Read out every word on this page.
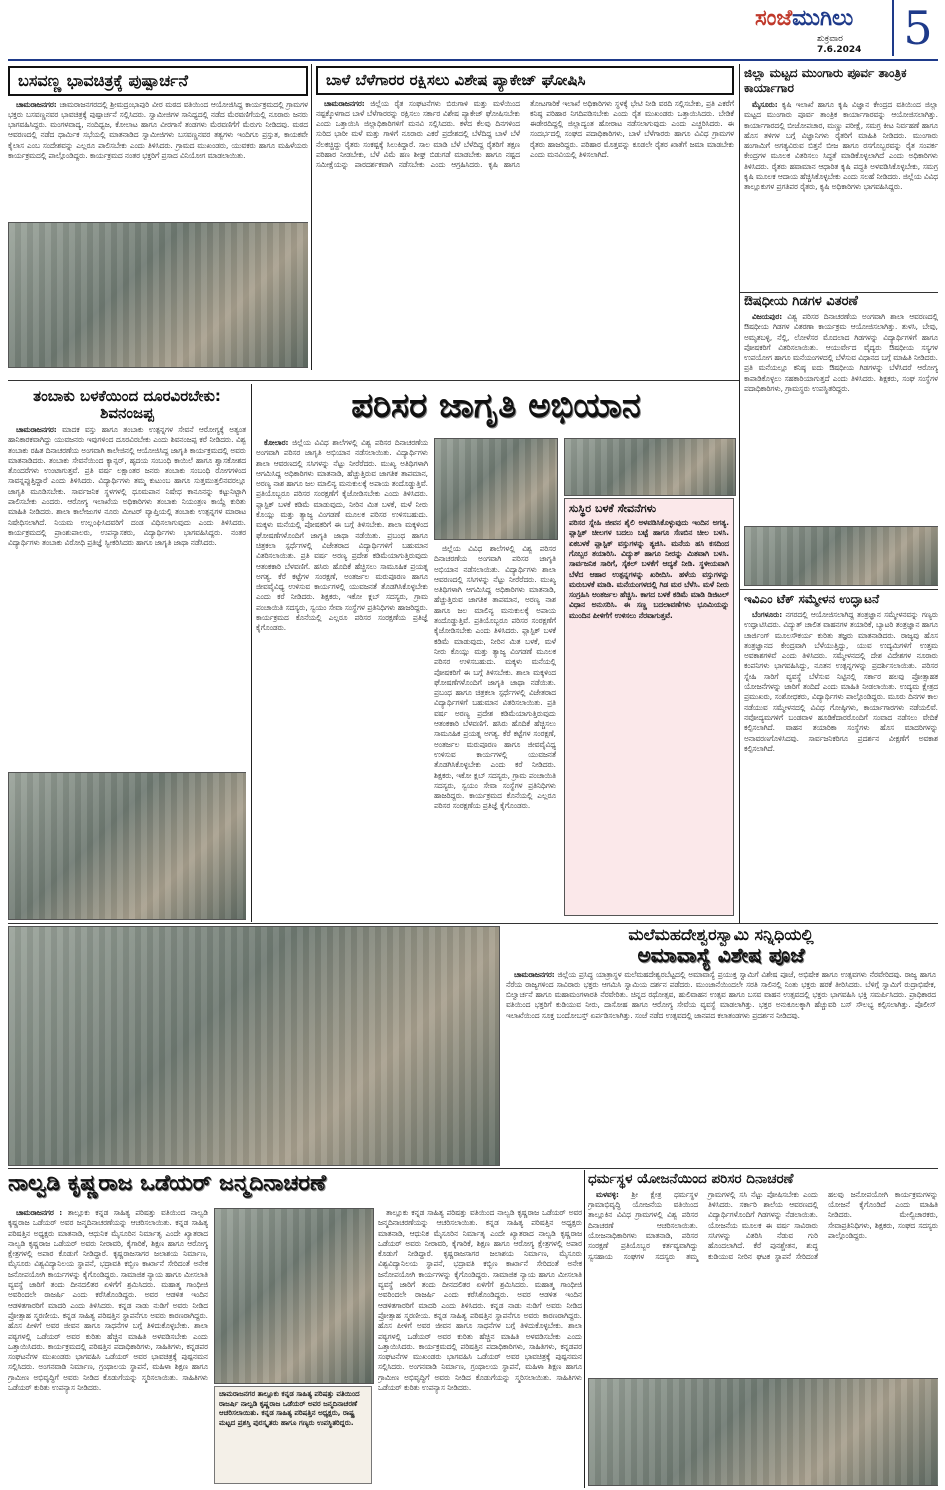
ಸಂಜೆಮುಗಿಲು
ಶುಕ್ರವಾರ
7.6.2024 5
ಬಸವಣ್ಣ ಭಾವಚಿತ್ರಕ್ಕೆ ಪುಷ್ಪಾರ್ಚನೆ

ಚಾಮರಾಜನಗರ: ಚಾಮರಾಜನಗರದಲ್ಲಿ ಶ್ರೀಮದ್ರಂಭಾಪುರಿ ವೀರ ಮಠದ ವತಿಯಿಂದ ಆಯೋಜಿಸಿದ್ದ ಕಾರ್ಯಕ್ರಮದಲ್ಲಿ ಗ್ರಾಮಗಳ ಭಕ್ತರು ಬಸವಣ್ಣನವರ ಭಾವಚಿತ್ರಕ್ಕೆ ಪುಷ್ಪಾರ್ಚನೆ ಸಲ್ಲಿಸಿದರು. ಸ್ವಾಮೀಜಿಗಳ ಸಾನಿಧ್ಯದಲ್ಲಿ ನಡೆದ ಮೆರವಣಿಗೆಯಲ್ಲಿ ನೂರಾರು ಜನರು ಭಾಗವಹಿಸಿದ್ದರು. ಮಂಗಳವಾದ್ಯ, ನಂದಿಧ್ವಜ, ಕೋಲಾಟ ಹಾಗೂ ವೀರಗಾಸೆ ತಂಡಗಳು ಮೆರವಣಿಗೆಗೆ ಮೆರುಗು ನೀಡಿದವು. ಮಠದ ಆವರಣದಲ್ಲಿ ನಡೆದ ಧಾರ್ಮಿಕ ಸಭೆಯಲ್ಲಿ ಮಾತನಾಡಿದ ಸ್ವಾಮೀಜಿಗಳು ಬಸವಣ್ಣನವರ ತತ್ವಗಳು ಇಂದಿಗೂ ಪ್ರಸ್ತುತ, ಕಾಯಕವೇ ಕೈಲಾಸ ಎಂಬ ಸಂದೇಶವನ್ನು ಎಲ್ಲರೂ ಪಾಲಿಸಬೇಕು ಎಂದು ತಿಳಿಸಿದರು. ಗ್ರಾಮದ ಮುಖಂಡರು, ಯುವಕರು ಹಾಗೂ ಮಹಿಳೆಯರು ಕಾರ್ಯಕ್ರಮದಲ್ಲಿ ಪಾಲ್ಗೊಂಡಿದ್ದರು. ಕಾರ್ಯಕ್ರಮದ ನಂತರ ಭಕ್ತರಿಗೆ ಪ್ರಸಾದ ವಿನಿಯೋಗ ಮಾಡಲಾಯಿತು.

ಬಾಳೆ ಬೆಳೆಗಾರರ ರಕ್ಷಿಸಲು ವಿಶೇಷ ಪ್ಯಾಕೇಜ್ ಘೋಷಿಸಿ

ಚಾಮರಾಜನಗರ: ಜಿಲ್ಲೆಯ ರೈತ ಸಂಘಟನೆಗಳು ಬಿರುಗಾಳಿ ಮತ್ತು ಮಳೆಯಿಂದ ನಷ್ಟಕ್ಕೊಳಗಾದ ಬಾಳೆ ಬೆಳೆಗಾರರನ್ನು ರಕ್ಷಿಸಲು ಸರ್ಕಾರ ವಿಶೇಷ ಪ್ಯಾಕೇಜ್ ಘೋಷಿಸಬೇಕು ಎಂದು ಒತ್ತಾಯಿಸಿ ಜಿಲ್ಲಾಧಿಕಾರಿಗಳಿಗೆ ಮನವಿ ಸಲ್ಲಿಸಿದರು. ಕಳೆದ ಕೆಲವು ದಿನಗಳಿಂದ ಸುರಿದ ಭಾರೀ ಮಳೆ ಮತ್ತು ಗಾಳಿಗೆ ನೂರಾರು ಎಕರೆ ಪ್ರದೇಶದಲ್ಲಿ ಬೆಳೆದಿದ್ದ ಬಾಳೆ ಬೆಳೆ ನೆಲಕಚ್ಚಿದ್ದು ರೈತರು ಸಂಕಷ್ಟಕ್ಕೆ ಸಿಲುಕಿದ್ದಾರೆ. ಸಾಲ ಮಾಡಿ ಬೆಳೆ ಬೆಳೆದಿದ್ದ ರೈತರಿಗೆ ತಕ್ಷಣ ಪರಿಹಾರ ನೀಡಬೇಕು, ಬೆಳೆ ವಿಮೆ ಹಣ ಶೀಘ್ರ ಬಿಡುಗಡೆ ಮಾಡಬೇಕು ಹಾಗೂ ನಷ್ಟದ ಸಮೀಕ್ಷೆಯನ್ನು ಪಾರದರ್ಶಕವಾಗಿ ನಡೆಸಬೇಕು ಎಂದು ಆಗ್ರಹಿಸಿದರು. ಕೃಷಿ ಹಾಗೂ ತೋಟಗಾರಿಕೆ ಇಲಾಖೆ ಅಧಿಕಾರಿಗಳು ಸ್ಥಳಕ್ಕೆ ಭೇಟಿ ನೀಡಿ ವರದಿ ಸಲ್ಲಿಸಬೇಕು, ಪ್ರತಿ ಎಕರೆಗೆ ಕನಿಷ್ಠ ಪರಿಹಾರ ನಿಗದಿಪಡಿಸಬೇಕು ಎಂದು ರೈತ ಮುಖಂಡರು ಒತ್ತಾಯಿಸಿದರು. ಬೇಡಿಕೆ ಈಡೇರದಿದ್ದಲ್ಲಿ ಜಿಲ್ಲಾದ್ಯಂತ ಹೋರಾಟ ನಡೆಸಲಾಗುವುದು ಎಂದು ಎಚ್ಚರಿಸಿದರು. ಈ ಸಂದರ್ಭದಲ್ಲಿ ಸಂಘದ ಪದಾಧಿಕಾರಿಗಳು, ಬಾಳೆ ಬೆಳೆಗಾರರು ಹಾಗೂ ವಿವಿಧ ಗ್ರಾಮಗಳ ರೈತರು ಹಾಜರಿದ್ದರು. ಪರಿಹಾರ ಮೊತ್ತವನ್ನು ಕೂಡಲೇ ರೈತರ ಖಾತೆಗೆ ಜಮಾ ಮಾಡಬೇಕು ಎಂದು ಮನವಿಯಲ್ಲಿ ತಿಳಿಸಲಾಗಿದೆ.

ಜಿಲ್ಲಾ ಮಟ್ಟದ ಮುಂಗಾರು ಪೂರ್ವ ತಾಂತ್ರಿಕ ಕಾರ್ಯಾಗಾರ

ಮೈಸೂರು: ಕೃಷಿ ಇಲಾಖೆ ಹಾಗೂ ಕೃಷಿ ವಿಜ್ಞಾನ ಕೇಂದ್ರದ ವತಿಯಿಂದ ಜಿಲ್ಲಾ ಮಟ್ಟದ ಮುಂಗಾರು ಪೂರ್ವ ತಾಂತ್ರಿಕ ಕಾರ್ಯಾಗಾರವನ್ನು ಆಯೋಜಿಸಲಾಗಿತ್ತು. ಕಾರ್ಯಾಗಾರದಲ್ಲಿ ಬೀಜೋಪಚಾರ, ಮಣ್ಣು ಪರೀಕ್ಷೆ, ಸಮಗ್ರ ಕೀಟ ನಿರ್ವಹಣೆ ಹಾಗೂ ಹೊಸ ತಳಿಗಳ ಬಗ್ಗೆ ವಿಜ್ಞಾನಿಗಳು ರೈತರಿಗೆ ಮಾಹಿತಿ ನೀಡಿದರು. ಮುಂಗಾರು ಹಂಗಾಮಿಗೆ ಅಗತ್ಯವಿರುವ ಬಿತ್ತನೆ ಬೀಜ ಹಾಗೂ ರಸಗೊಬ್ಬರವನ್ನು ರೈತ ಸಂಪರ್ಕ ಕೇಂದ್ರಗಳ ಮೂಲಕ ವಿತರಿಸಲು ಸಿದ್ಧತೆ ಮಾಡಿಕೊಳ್ಳಲಾಗಿದೆ ಎಂದು ಅಧಿಕಾರಿಗಳು ತಿಳಿಸಿದರು. ರೈತರು ಹವಾಮಾನ ಆಧಾರಿತ ಕೃಷಿ ಪದ್ಧತಿ ಅಳವಡಿಸಿಕೊಳ್ಳಬೇಕು, ಸಮಗ್ರ ಕೃಷಿ ಮೂಲಕ ಆದಾಯ ಹೆಚ್ಚಿಸಿಕೊಳ್ಳಬೇಕು ಎಂದು ಸಲಹೆ ನೀಡಿದರು. ಜಿಲ್ಲೆಯ ವಿವಿಧ ತಾಲ್ಲೂಕುಗಳ ಪ್ರಗತಿಪರ ರೈತರು, ಕೃಷಿ ಅಧಿಕಾರಿಗಳು ಭಾಗವಹಿಸಿದ್ದರು.

ಔಷಧೀಯ ಗಿಡಗಳ ವಿತರಣೆ

ವಿಜಯಪುರ: ವಿಶ್ವ ಪರಿಸರ ದಿನಾಚರಣೆಯ ಅಂಗವಾಗಿ ಶಾಲಾ ಆವರಣದಲ್ಲಿ ಔಷಧೀಯ ಗಿಡಗಳ ವಿತರಣಾ ಕಾರ್ಯಕ್ರಮ ಆಯೋಜಿಸಲಾಗಿತ್ತು. ತುಳಸಿ, ಬೇವು, ಅಮೃತಬಳ್ಳಿ, ನೆಲ್ಲಿ, ಲೋಳೆಸರ ಮೊದಲಾದ ಗಿಡಗಳನ್ನು ವಿದ್ಯಾರ್ಥಿಗಳಿಗೆ ಹಾಗೂ ಪೋಷಕರಿಗೆ ವಿತರಿಸಲಾಯಿತು. ಆಯುರ್ವೇದ ವೈದ್ಯರು ಔಷಧೀಯ ಸಸ್ಯಗಳ ಉಪಯೋಗ ಹಾಗೂ ಮನೆಯಂಗಳದಲ್ಲಿ ಬೆಳೆಸುವ ವಿಧಾನದ ಬಗ್ಗೆ ಮಾಹಿತಿ ನೀಡಿದರು. ಪ್ರತಿ ಮನೆಯಲ್ಲೂ ಕನಿಷ್ಠ ಐದು ಔಷಧೀಯ ಗಿಡಗಳನ್ನು ಬೆಳೆಸಿದರೆ ಆರೋಗ್ಯ ಕಾಪಾಡಿಕೊಳ್ಳಲು ಸಹಕಾರಿಯಾಗುತ್ತದೆ ಎಂದು ತಿಳಿಸಿದರು. ಶಿಕ್ಷಕರು, ಸಂಘ ಸಂಸ್ಥೆಗಳ ಪದಾಧಿಕಾರಿಗಳು, ಗ್ರಾಮಸ್ಥರು ಉಪಸ್ಥಿತರಿದ್ದರು.

ಇವಿಎಂ ಟೆಕ್ ಸಮ್ಮೇಳನ ಉದ್ಘಾಟನೆ

ಬೆಂಗಳೂರು: ನಗರದಲ್ಲಿ ಆಯೋಜಿಸಲಾಗಿದ್ದ ತಂತ್ರಜ್ಞಾನ ಸಮ್ಮೇಳನವನ್ನು ಗಣ್ಯರು ಉದ್ಘಾಟಿಸಿದರು. ವಿದ್ಯುತ್ ಚಾಲಿತ ವಾಹನಗಳ ತಯಾರಿಕೆ, ಬ್ಯಾಟರಿ ತಂತ್ರಜ್ಞಾನ ಹಾಗೂ ಚಾರ್ಜಿಂಗ್ ಮೂಲಸೌಕರ್ಯ ಕುರಿತು ತಜ್ಞರು ಮಾತನಾಡಿದರು. ರಾಜ್ಯವು ಹೊಸ ತಂತ್ರಜ್ಞಾನದ ಕೇಂದ್ರವಾಗಿ ಬೆಳೆಯುತ್ತಿದ್ದು, ಯುವ ಉದ್ಯಮಿಗಳಿಗೆ ಉತ್ತಮ ಅವಕಾಶಗಳಿವೆ ಎಂದು ತಿಳಿಸಿದರು. ಸಮ್ಮೇಳನದಲ್ಲಿ ದೇಶ ವಿದೇಶಗಳ ನೂರಾರು ಕಂಪನಿಗಳು ಭಾಗವಹಿಸಿದ್ದು, ನೂತನ ಉತ್ಪನ್ನಗಳನ್ನು ಪ್ರದರ್ಶಿಸಲಾಯಿತು. ಪರಿಸರ ಸ್ನೇಹಿ ಸಾರಿಗೆ ವ್ಯವಸ್ಥೆ ಬೆಳೆಸುವ ನಿಟ್ಟಿನಲ್ಲಿ ಸರ್ಕಾರ ಹಲವು ಪ್ರೋತ್ಸಾಹಕ ಯೋಜನೆಗಳನ್ನು ಜಾರಿಗೆ ತಂದಿದೆ ಎಂದು ಮಾಹಿತಿ ನೀಡಲಾಯಿತು. ಉದ್ಯಮ ಕ್ಷೇತ್ರದ ಪ್ರಮುಖರು, ಸಂಶೋಧಕರು, ವಿದ್ಯಾರ್ಥಿಗಳು ಪಾಲ್ಗೊಂಡಿದ್ದರು. ಮೂರು ದಿನಗಳ ಕಾಲ ನಡೆಯುವ ಸಮ್ಮೇಳನದಲ್ಲಿ ವಿವಿಧ ಗೋಷ್ಠಿಗಳು, ಕಾರ್ಯಾಗಾರಗಳು ನಡೆಯಲಿವೆ. ನವೋದ್ಯಮಗಳಿಗೆ ಬಂಡವಾಳ ಹೂಡಿಕೆದಾರರೊಂದಿಗೆ ಸಂವಾದ ನಡೆಸಲು ವೇದಿಕೆ ಕಲ್ಪಿಸಲಾಗಿದೆ. ವಾಹನ ತಯಾರಿಕಾ ಸಂಸ್ಥೆಗಳು ಹೊಸ ಮಾದರಿಗಳನ್ನು ಅನಾವರಣಗೊಳಿಸಿದವು. ಸಾರ್ವಜನಿಕರಿಗೂ ಪ್ರದರ್ಶನ ವೀಕ್ಷಣೆಗೆ ಅವಕಾಶ ಕಲ್ಪಿಸಲಾಗಿದೆ.

ತಂಬಾಕು ಬಳಕೆಯಿಂದ ದೂರವಿರಬೇಕು: ಶಿವನಂಜಪ್ಪ

ಚಾಮರಾಜನಗರ: ಮಾದಕ ವಸ್ತು ಹಾಗೂ ತಂಬಾಕು ಉತ್ಪನ್ನಗಳ ಸೇವನೆ ಆರೋಗ್ಯಕ್ಕೆ ಅತ್ಯಂತ ಹಾನಿಕಾರಕವಾಗಿದ್ದು ಯುವಜನರು ಇವುಗಳಿಂದ ದೂರವಿರಬೇಕು ಎಂದು ಶಿವನಂಜಪ್ಪ ಕರೆ ನೀಡಿದರು. ವಿಶ್ವ ತಂಬಾಕು ರಹಿತ ದಿನಾಚರಣೆಯ ಅಂಗವಾಗಿ ಕಾಲೇಜಿನಲ್ಲಿ ಆಯೋಜಿಸಿದ್ದ ಜಾಗೃತಿ ಕಾರ್ಯಕ್ರಮದಲ್ಲಿ ಅವರು ಮಾತನಾಡಿದರು. ತಂಬಾಕು ಸೇವನೆಯಿಂದ ಕ್ಯಾನ್ಸರ್, ಹೃದಯ ಸಂಬಂಧಿ ಕಾಯಿಲೆ ಹಾಗೂ ಶ್ವಾಸಕೋಶದ ತೊಂದರೆಗಳು ಉಂಟಾಗುತ್ತವೆ. ಪ್ರತಿ ವರ್ಷ ಲಕ್ಷಾಂತರ ಜನರು ತಂಬಾಕು ಸಂಬಂಧಿ ರೋಗಗಳಿಂದ ಸಾವನ್ನಪ್ಪುತ್ತಿದ್ದಾರೆ ಎಂದು ತಿಳಿಸಿದರು. ವಿದ್ಯಾರ್ಥಿಗಳು ತಮ್ಮ ಕುಟುಂಬ ಹಾಗೂ ಸುತ್ತಮುತ್ತಲಿನವರಲ್ಲೂ ಜಾಗೃತಿ ಮೂಡಿಸಬೇಕು. ಸಾರ್ವಜನಿಕ ಸ್ಥಳಗಳಲ್ಲಿ ಧೂಮಪಾನ ನಿಷೇಧ ಕಾನೂನನ್ನು ಕಟ್ಟುನಿಟ್ಟಾಗಿ ಪಾಲಿಸಬೇಕು ಎಂದರು. ಆರೋಗ್ಯ ಇಲಾಖೆಯ ಅಧಿಕಾರಿಗಳು ತಂಬಾಕು ನಿಯಂತ್ರಣ ಕಾಯ್ದೆ ಕುರಿತು ಮಾಹಿತಿ ನೀಡಿದರು. ಶಾಲಾ ಕಾಲೇಜುಗಳ ನೂರು ಮೀಟರ್ ವ್ಯಾಪ್ತಿಯಲ್ಲಿ ತಂಬಾಕು ಉತ್ಪನ್ನಗಳ ಮಾರಾಟ ನಿಷೇಧಿಸಲಾಗಿದೆ. ನಿಯಮ ಉಲ್ಲಂಘಿಸಿದವರಿಗೆ ದಂಡ ವಿಧಿಸಲಾಗುವುದು ಎಂದು ತಿಳಿಸಿದರು. ಕಾರ್ಯಕ್ರಮದಲ್ಲಿ ಪ್ರಾಂಶುಪಾಲರು, ಉಪನ್ಯಾಸಕರು, ವಿದ್ಯಾರ್ಥಿಗಳು ಭಾಗವಹಿಸಿದ್ದರು. ನಂತರ ವಿದ್ಯಾರ್ಥಿಗಳು ತಂಬಾಕು ವಿರೋಧಿ ಪ್ರತಿಜ್ಞೆ ಸ್ವೀಕರಿಸಿದರು ಹಾಗೂ ಜಾಗೃತಿ ಜಾಥಾ ನಡೆಸಿದರು.

ಪರಿಸರ ಜಾಗೃತಿ ಅಭಿಯಾನ

ಕೋಲಾರ: ಜಿಲ್ಲೆಯ ವಿವಿಧ ಶಾಲೆಗಳಲ್ಲಿ ವಿಶ್ವ ಪರಿಸರ ದಿನಾಚರಣೆಯ ಅಂಗವಾಗಿ ಪರಿಸರ ಜಾಗೃತಿ ಅಭಿಯಾನ ನಡೆಸಲಾಯಿತು. ವಿದ್ಯಾರ್ಥಿಗಳು ಶಾಲಾ ಆವರಣದಲ್ಲಿ ಸಸಿಗಳನ್ನು ನೆಟ್ಟು ನೀರೆರೆದರು. ಮುಖ್ಯ ಅತಿಥಿಗಳಾಗಿ ಆಗಮಿಸಿದ್ದ ಅಧಿಕಾರಿಗಳು ಮಾತನಾಡಿ, ಹೆಚ್ಚುತ್ತಿರುವ ಜಾಗತಿಕ ತಾಪಮಾನ, ಅರಣ್ಯ ನಾಶ ಹಾಗೂ ಜಲ ಮಾಲಿನ್ಯ ಮನುಕುಲಕ್ಕೆ ಅಪಾಯ ತಂದೊಡ್ಡುತ್ತಿವೆ. ಪ್ರತಿಯೊಬ್ಬರೂ ಪರಿಸರ ಸಂರಕ್ಷಣೆಗೆ ಕೈಜೋಡಿಸಬೇಕು ಎಂದು ತಿಳಿಸಿದರು. ಪ್ಲಾಸ್ಟಿಕ್ ಬಳಕೆ ಕಡಿಮೆ ಮಾಡುವುದು, ನೀರಿನ ಮಿತ ಬಳಕೆ, ಮಳೆ ನೀರು ಕೊಯ್ಲು ಮತ್ತು ತ್ಯಾಜ್ಯ ವಿಂಗಡಣೆ ಮೂಲಕ ಪರಿಸರ ಉಳಿಸಬಹುದು. ಮಕ್ಕಳು ಮನೆಯಲ್ಲಿ ಪೋಷಕರಿಗೆ ಈ ಬಗ್ಗೆ ತಿಳಿಸಬೇಕು. ಶಾಲಾ ಮಕ್ಕಳಿಂದ ಘೋಷಣೆಗಳೊಂದಿಗೆ ಜಾಗೃತಿ ಜಾಥಾ ನಡೆಯಿತು. ಪ್ರಬಂಧ ಹಾಗೂ ಚಿತ್ರಕಲಾ ಸ್ಪರ್ಧೆಗಳಲ್ಲಿ ವಿಜೇತರಾದ ವಿದ್ಯಾರ್ಥಿಗಳಿಗೆ ಬಹುಮಾನ ವಿತರಿಸಲಾಯಿತು. ಪ್ರತಿ ವರ್ಷ ಅರಣ್ಯ ಪ್ರದೇಶ ಕಡಿಮೆಯಾಗುತ್ತಿರುವುದು ಆತಂಕಕಾರಿ ಬೆಳವಣಿಗೆ. ಹಸಿರು ಹೊದಿಕೆ ಹೆಚ್ಚಿಸಲು ಸಾಮೂಹಿಕ ಪ್ರಯತ್ನ ಅಗತ್ಯ. ಕೆರೆ ಕಟ್ಟೆಗಳ ಸಂರಕ್ಷಣೆ, ಅಂತರ್ಜಲ ಮರುಪೂರಣ ಹಾಗೂ ಜೀವವೈವಿಧ್ಯ ಉಳಿಸುವ ಕಾರ್ಯಗಳಲ್ಲಿ ಯುವಜನತೆ ತೊಡಗಿಸಿಕೊಳ್ಳಬೇಕು ಎಂದು ಕರೆ ನೀಡಿದರು. ಶಿಕ್ಷಕರು, ಇಕೋ ಕ್ಲಬ್ ಸದಸ್ಯರು, ಗ್ರಾಮ ಪಂಚಾಯಿತಿ ಸದಸ್ಯರು, ಸ್ವಯಂ ಸೇವಾ ಸಂಸ್ಥೆಗಳ ಪ್ರತಿನಿಧಿಗಳು ಹಾಜರಿದ್ದರು. ಕಾರ್ಯಕ್ರಮದ ಕೊನೆಯಲ್ಲಿ ಎಲ್ಲರೂ ಪರಿಸರ ಸಂರಕ್ಷಣೆಯ ಪ್ರತಿಜ್ಞೆ ಕೈಗೊಂಡರು.

ಜಿಲ್ಲೆಯ ವಿವಿಧ ಶಾಲೆಗಳಲ್ಲಿ ವಿಶ್ವ ಪರಿಸರ ದಿನಾಚರಣೆಯ ಅಂಗವಾಗಿ ಪರಿಸರ ಜಾಗೃತಿ ಅಭಿಯಾನ ನಡೆಸಲಾಯಿತು. ವಿದ್ಯಾರ್ಥಿಗಳು ಶಾಲಾ ಆವರಣದಲ್ಲಿ ಸಸಿಗಳನ್ನು ನೆಟ್ಟು ನೀರೆರೆದರು. ಮುಖ್ಯ ಅತಿಥಿಗಳಾಗಿ ಆಗಮಿಸಿದ್ದ ಅಧಿಕಾರಿಗಳು ಮಾತನಾಡಿ, ಹೆಚ್ಚುತ್ತಿರುವ ಜಾಗತಿಕ ತಾಪಮಾನ, ಅರಣ್ಯ ನಾಶ ಹಾಗೂ ಜಲ ಮಾಲಿನ್ಯ ಮನುಕುಲಕ್ಕೆ ಅಪಾಯ ತಂದೊಡ್ಡುತ್ತಿವೆ. ಪ್ರತಿಯೊಬ್ಬರೂ ಪರಿಸರ ಸಂರಕ್ಷಣೆಗೆ ಕೈಜೋಡಿಸಬೇಕು ಎಂದು ತಿಳಿಸಿದರು. ಪ್ಲಾಸ್ಟಿಕ್ ಬಳಕೆ ಕಡಿಮೆ ಮಾಡುವುದು, ನೀರಿನ ಮಿತ ಬಳಕೆ, ಮಳೆ ನೀರು ಕೊಯ್ಲು ಮತ್ತು ತ್ಯಾಜ್ಯ ವಿಂಗಡಣೆ ಮೂಲಕ ಪರಿಸರ ಉಳಿಸಬಹುದು. ಮಕ್ಕಳು ಮನೆಯಲ್ಲಿ ಪೋಷಕರಿಗೆ ಈ ಬಗ್ಗೆ ತಿಳಿಸಬೇಕು. ಶಾಲಾ ಮಕ್ಕಳಿಂದ ಘೋಷಣೆಗಳೊಂದಿಗೆ ಜಾಗೃತಿ ಜಾಥಾ ನಡೆಯಿತು. ಪ್ರಬಂಧ ಹಾಗೂ ಚಿತ್ರಕಲಾ ಸ್ಪರ್ಧೆಗಳಲ್ಲಿ ವಿಜೇತರಾದ ವಿದ್ಯಾರ್ಥಿಗಳಿಗೆ ಬಹುಮಾನ ವಿತರಿಸಲಾಯಿತು. ಪ್ರತಿ ವರ್ಷ ಅರಣ್ಯ ಪ್ರದೇಶ ಕಡಿಮೆಯಾಗುತ್ತಿರುವುದು ಆತಂಕಕಾರಿ ಬೆಳವಣಿಗೆ. ಹಸಿರು ಹೊದಿಕೆ ಹೆಚ್ಚಿಸಲು ಸಾಮೂಹಿಕ ಪ್ರಯತ್ನ ಅಗತ್ಯ. ಕೆರೆ ಕಟ್ಟೆಗಳ ಸಂರಕ್ಷಣೆ, ಅಂತರ್ಜಲ ಮರುಪೂರಣ ಹಾಗೂ ಜೀವವೈವಿಧ್ಯ ಉಳಿಸುವ ಕಾರ್ಯಗಳಲ್ಲಿ ಯುವಜನತೆ ತೊಡಗಿಸಿಕೊಳ್ಳಬೇಕು ಎಂದು ಕರೆ ನೀಡಿದರು. ಶಿಕ್ಷಕರು, ಇಕೋ ಕ್ಲಬ್ ಸದಸ್ಯರು, ಗ್ರಾಮ ಪಂಚಾಯಿತಿ ಸದಸ್ಯರು, ಸ್ವಯಂ ಸೇವಾ ಸಂಸ್ಥೆಗಳ ಪ್ರತಿನಿಧಿಗಳು ಹಾಜರಿದ್ದರು. ಕಾರ್ಯಕ್ರಮದ ಕೊನೆಯಲ್ಲಿ ಎಲ್ಲರೂ ಪರಿಸರ ಸಂರಕ್ಷಣೆಯ ಪ್ರತಿಜ್ಞೆ ಕೈಗೊಂಡರು.

ಸುಸ್ಥಿರ ಬಳಕೆ ಸೇವನೆಗಳು
ಪರಿಸರ ಸ್ನೇಹಿ ಜೀವನ ಶೈಲಿ ಅಳವಡಿಸಿಕೊಳ್ಳುವುದು ಇಂದಿನ ಅಗತ್ಯ. ಪ್ಲಾಸ್ಟಿಕ್ ಚೀಲಗಳ ಬದಲು ಬಟ್ಟೆ ಹಾಗೂ ಸೆಣಬಿನ ಚೀಲ ಬಳಸಿ. ಏಕಬಳಕೆ ಪ್ಲಾಸ್ಟಿಕ್ ವಸ್ತುಗಳನ್ನು ತ್ಯಜಿಸಿ. ಮನೆಯ ಹಸಿ ಕಸದಿಂದ ಗೊಬ್ಬರ ತಯಾರಿಸಿ. ವಿದ್ಯುತ್ ಹಾಗೂ ನೀರನ್ನು ಮಿತವಾಗಿ ಬಳಸಿ. ಸಾರ್ವಜನಿಕ ಸಾರಿಗೆ, ಸೈಕಲ್ ಬಳಕೆಗೆ ಆದ್ಯತೆ ನೀಡಿ. ಸ್ಥಳೀಯವಾಗಿ ಬೆಳೆದ ಆಹಾರ ಉತ್ಪನ್ನಗಳನ್ನು ಖರೀದಿಸಿ. ಹಳೆಯ ವಸ್ತುಗಳನ್ನು ಮರುಬಳಕೆ ಮಾಡಿ. ಮನೆಯಂಗಳದಲ್ಲಿ ಗಿಡ ಮರ ಬೆಳೆಸಿ. ಮಳೆ ನೀರು ಸಂಗ್ರಹಿಸಿ ಅಂತರ್ಜಲ ಹೆಚ್ಚಿಸಿ. ಕಾಗದ ಬಳಕೆ ಕಡಿಮೆ ಮಾಡಿ ಡಿಜಿಟಲ್ ವಿಧಾನ ಅನುಸರಿಸಿ. ಈ ಸಣ್ಣ ಬದಲಾವಣೆಗಳು ಭೂಮಿಯನ್ನು ಮುಂದಿನ ಪೀಳಿಗೆಗೆ ಉಳಿಸಲು ನೆರವಾಗುತ್ತವೆ.
ಮಲೆಮಹದೇಶ್ವರಸ್ವಾಮಿ ಸನ್ನಿಧಿಯಲ್ಲಿ
ಅಮಾವಾಸ್ಯೆ ವಿಶೇಷ ಪೂಜೆ

ಚಾಮರಾಜನಗರ: ಜಿಲ್ಲೆಯ ಪ್ರಸಿದ್ಧ ಯಾತ್ರಾಸ್ಥಳ ಮಲೆಮಹದೇಶ್ವರಬೆಟ್ಟದಲ್ಲಿ ಅಮಾವಾಸ್ಯೆ ಪ್ರಯುಕ್ತ ಸ್ವಾಮಿಗೆ ವಿಶೇಷ ಪೂಜೆ, ಅಭಿಷೇಕ ಹಾಗೂ ಉತ್ಸವಗಳು ನೆರವೇರಿದವು. ರಾಜ್ಯ ಹಾಗೂ ನೆರೆಯ ರಾಜ್ಯಗಳಿಂದ ಸಾವಿರಾರು ಭಕ್ತರು ಆಗಮಿಸಿ ಸ್ವಾಮಿಯ ದರ್ಶನ ಪಡೆದರು. ಮುಂಜಾನೆಯಿಂದಲೇ ಸರತಿ ಸಾಲಿನಲ್ಲಿ ನಿಂತು ಭಕ್ತರು ಹರಕೆ ತೀರಿಸಿದರು. ಬೆಳಿಗ್ಗೆ ಸ್ವಾಮಿಗೆ ರುದ್ರಾಭಿಷೇಕ, ಬಿಲ್ವಾರ್ಚನೆ ಹಾಗೂ ಮಹಾಮಂಗಳಾರತಿ ನೆರವೇರಿತು. ಚಿನ್ನದ ರಥೋತ್ಸವ, ಹುಲಿವಾಹನ ಉತ್ಸವ ಹಾಗೂ ಬಸವ ವಾಹನ ಉತ್ಸವದಲ್ಲಿ ಭಕ್ತರು ಭಾಗವಹಿಸಿ ಭಕ್ತಿ ಸಮರ್ಪಿಸಿದರು. ಪ್ರಾಧಿಕಾರದ ವತಿಯಿಂದ ಭಕ್ತರಿಗೆ ಕುಡಿಯುವ ನೀರು, ದಾಸೋಹ ಹಾಗೂ ಆರೋಗ್ಯ ಸೇವೆಯ ವ್ಯವಸ್ಥೆ ಮಾಡಲಾಗಿತ್ತು. ಭಕ್ತರ ಅನುಕೂಲಕ್ಕಾಗಿ ಹೆಚ್ಚುವರಿ ಬಸ್ ಸೌಲಭ್ಯ ಕಲ್ಪಿಸಲಾಗಿತ್ತು. ಪೊಲೀಸ್ ಇಲಾಖೆಯಿಂದ ಸೂಕ್ತ ಬಂದೋಬಸ್ತ್ ಏರ್ಪಡಿಸಲಾಗಿತ್ತು. ಸಂಜೆ ನಡೆದ ಉತ್ಸವದಲ್ಲಿ ಜಾನಪದ ಕಲಾತಂಡಗಳು ಪ್ರದರ್ಶನ ನೀಡಿದವು.

ನಾಲ್ವಡಿ ಕೃಷ್ಣರಾಜ ಒಡೆಯರ್ ಜನ್ಮದಿನಾಚರಣೆ

ಚಾಮರಾಜನಗರ : ತಾಲ್ಲೂಕು ಕನ್ನಡ ಸಾಹಿತ್ಯ ಪರಿಷತ್ತು ವತಿಯಿಂದ ನಾಲ್ವಡಿ ಕೃಷ್ಣರಾಜ ಒಡೆಯರ್ ಅವರ ಜನ್ಮದಿನಾಚರಣೆಯನ್ನು ಆಚರಿಸಲಾಯಿತು. ಕನ್ನಡ ಸಾಹಿತ್ಯ ಪರಿಷತ್ತಿನ ಅಧ್ಯಕ್ಷರು ಮಾತನಾಡಿ, ಆಧುನಿಕ ಮೈಸೂರಿನ ನಿರ್ಮಾತೃ ಎಂದೇ ಖ್ಯಾತರಾದ ನಾಲ್ವಡಿ ಕೃಷ್ಣರಾಜ ಒಡೆಯರ್ ಅವರು ನೀರಾವರಿ, ಕೈಗಾರಿಕೆ, ಶಿಕ್ಷಣ ಹಾಗೂ ಆರೋಗ್ಯ ಕ್ಷೇತ್ರಗಳಲ್ಲಿ ಅಪಾರ ಕೊಡುಗೆ ನೀಡಿದ್ದಾರೆ. ಕೃಷ್ಣರಾಜಸಾಗರ ಜಲಾಶಯ ನಿರ್ಮಾಣ, ಮೈಸೂರು ವಿಶ್ವವಿದ್ಯಾನಿಲಯ ಸ್ಥಾಪನೆ, ಭದ್ರಾವತಿ ಕಬ್ಬಿಣ ಕಾರ್ಖಾನೆ ಸೇರಿದಂತೆ ಅನೇಕ ಜನೋಪಯೋಗಿ ಕಾರ್ಯಗಳನ್ನು ಕೈಗೊಂಡಿದ್ದರು. ಸಾಮಾಜಿಕ ನ್ಯಾಯ ಹಾಗೂ ಮೀಸಲಾತಿ ವ್ಯವಸ್ಥೆ ಜಾರಿಗೆ ತಂದು ದೀನದಲಿತರ ಏಳಿಗೆಗೆ ಶ್ರಮಿಸಿದರು. ಮಹಾತ್ಮ ಗಾಂಧೀಜಿ ಅವರಿಂದಲೇ ರಾಜರ್ಷಿ ಎಂದು ಕರೆಸಿಕೊಂಡಿದ್ದರು. ಅವರ ಆಡಳಿತ ಇಂದಿನ ಆಡಳಿತಗಾರರಿಗೆ ಮಾದರಿ ಎಂದು ತಿಳಿಸಿದರು. ಕನ್ನಡ ನಾಡು ನುಡಿಗೆ ಅವರು ನೀಡಿದ ಪ್ರೋತ್ಸಾಹ ಸ್ಮರಣೀಯ. ಕನ್ನಡ ಸಾಹಿತ್ಯ ಪರಿಷತ್ತಿನ ಸ್ಥಾಪನೆಗೂ ಅವರು ಕಾರಣರಾಗಿದ್ದರು. ಹೊಸ ಪೀಳಿಗೆ ಅವರ ಜೀವನ ಹಾಗೂ ಸಾಧನೆಗಳ ಬಗ್ಗೆ ತಿಳಿದುಕೊಳ್ಳಬೇಕು. ಶಾಲಾ ಪಠ್ಯಗಳಲ್ಲಿ ಒಡೆಯರ್ ಅವರ ಕುರಿತು ಹೆಚ್ಚಿನ ಮಾಹಿತಿ ಅಳವಡಿಸಬೇಕು ಎಂದು ಒತ್ತಾಯಿಸಿದರು. ಕಾರ್ಯಕ್ರಮದಲ್ಲಿ ಪರಿಷತ್ತಿನ ಪದಾಧಿಕಾರಿಗಳು, ಸಾಹಿತಿಗಳು, ಕನ್ನಡಪರ ಸಂಘಟನೆಗಳ ಮುಖಂಡರು ಭಾಗವಹಿಸಿ ಒಡೆಯರ್ ಅವರ ಭಾವಚಿತ್ರಕ್ಕೆ ಪುಷ್ಪನಮನ ಸಲ್ಲಿಸಿದರು. ಅಂಗನವಾಡಿ ನಿರ್ಮಾಣ, ಗ್ರಂಥಾಲಯ ಸ್ಥಾಪನೆ, ಮಹಿಳಾ ಶಿಕ್ಷಣ ಹಾಗೂ ಗ್ರಾಮೀಣ ಅಭಿವೃದ್ಧಿಗೆ ಅವರು ನೀಡಿದ ಕೊಡುಗೆಯನ್ನು ಸ್ಮರಿಸಲಾಯಿತು. ಸಾಹಿತಿಗಳು ಒಡೆಯರ್ ಕುರಿತು ಉಪನ್ಯಾಸ ನೀಡಿದರು.

ಚಾಮರಾಜನಗರ ತಾಲ್ಲೂಕು ಕನ್ನಡ ಸಾಹಿತ್ಯ ಪರಿಷತ್ತು ವತಿಯಿಂದ ರಾಜರ್ಷಿ ನಾಲ್ವಡಿ ಕೃಷ್ಣರಾಜ ಒಡೆಯರ್ ಅವರ ಜನ್ಮದಿನಾಚರಣೆ ಆಚರಿಸಲಾಯಿತು. ಕನ್ನಡ ಸಾಹಿತ್ಯ ಪರಿಷತ್ತಿನ ಅಧ್ಯಕ್ಷರು, ರಾಷ್ಟ್ರ ಮಟ್ಟದ ಪ್ರಶಸ್ತಿ ಪುರಸ್ಕೃತರು ಹಾಗೂ ಗಣ್ಯರು ಉಪಸ್ಥಿತರಿದ್ದರು.

ತಾಲ್ಲೂಕು ಕನ್ನಡ ಸಾಹಿತ್ಯ ಪರಿಷತ್ತು ವತಿಯಿಂದ ನಾಲ್ವಡಿ ಕೃಷ್ಣರಾಜ ಒಡೆಯರ್ ಅವರ ಜನ್ಮದಿನಾಚರಣೆಯನ್ನು ಆಚರಿಸಲಾಯಿತು. ಕನ್ನಡ ಸಾಹಿತ್ಯ ಪರಿಷತ್ತಿನ ಅಧ್ಯಕ್ಷರು ಮಾತನಾಡಿ, ಆಧುನಿಕ ಮೈಸೂರಿನ ನಿರ್ಮಾತೃ ಎಂದೇ ಖ್ಯಾತರಾದ ನಾಲ್ವಡಿ ಕೃಷ್ಣರಾಜ ಒಡೆಯರ್ ಅವರು ನೀರಾವರಿ, ಕೈಗಾರಿಕೆ, ಶಿಕ್ಷಣ ಹಾಗೂ ಆರೋಗ್ಯ ಕ್ಷೇತ್ರಗಳಲ್ಲಿ ಅಪಾರ ಕೊಡುಗೆ ನೀಡಿದ್ದಾರೆ. ಕೃಷ್ಣರಾಜಸಾಗರ ಜಲಾಶಯ ನಿರ್ಮಾಣ, ಮೈಸೂರು ವಿಶ್ವವಿದ್ಯಾನಿಲಯ ಸ್ಥಾಪನೆ, ಭದ್ರಾವತಿ ಕಬ್ಬಿಣ ಕಾರ್ಖಾನೆ ಸೇರಿದಂತೆ ಅನೇಕ ಜನೋಪಯೋಗಿ ಕಾರ್ಯಗಳನ್ನು ಕೈಗೊಂಡಿದ್ದರು. ಸಾಮಾಜಿಕ ನ್ಯಾಯ ಹಾಗೂ ಮೀಸಲಾತಿ ವ್ಯವಸ್ಥೆ ಜಾರಿಗೆ ತಂದು ದೀನದಲಿತರ ಏಳಿಗೆಗೆ ಶ್ರಮಿಸಿದರು. ಮಹಾತ್ಮ ಗಾಂಧೀಜಿ ಅವರಿಂದಲೇ ರಾಜರ್ಷಿ ಎಂದು ಕರೆಸಿಕೊಂಡಿದ್ದರು. ಅವರ ಆಡಳಿತ ಇಂದಿನ ಆಡಳಿತಗಾರರಿಗೆ ಮಾದರಿ ಎಂದು ತಿಳಿಸಿದರು. ಕನ್ನಡ ನಾಡು ನುಡಿಗೆ ಅವರು ನೀಡಿದ ಪ್ರೋತ್ಸಾಹ ಸ್ಮರಣೀಯ. ಕನ್ನಡ ಸಾಹಿತ್ಯ ಪರಿಷತ್ತಿನ ಸ್ಥಾಪನೆಗೂ ಅವರು ಕಾರಣರಾಗಿದ್ದರು. ಹೊಸ ಪೀಳಿಗೆ ಅವರ ಜೀವನ ಹಾಗೂ ಸಾಧನೆಗಳ ಬಗ್ಗೆ ತಿಳಿದುಕೊಳ್ಳಬೇಕು. ಶಾಲಾ ಪಠ್ಯಗಳಲ್ಲಿ ಒಡೆಯರ್ ಅವರ ಕುರಿತು ಹೆಚ್ಚಿನ ಮಾಹಿತಿ ಅಳವಡಿಸಬೇಕು ಎಂದು ಒತ್ತಾಯಿಸಿದರು. ಕಾರ್ಯಕ್ರಮದಲ್ಲಿ ಪರಿಷತ್ತಿನ ಪದಾಧಿಕಾರಿಗಳು, ಸಾಹಿತಿಗಳು, ಕನ್ನಡಪರ ಸಂಘಟನೆಗಳ ಮುಖಂಡರು ಭಾಗವಹಿಸಿ ಒಡೆಯರ್ ಅವರ ಭಾವಚಿತ್ರಕ್ಕೆ ಪುಷ್ಪನಮನ ಸಲ್ಲಿಸಿದರು. ಅಂಗನವಾಡಿ ನಿರ್ಮಾಣ, ಗ್ರಂಥಾಲಯ ಸ್ಥಾಪನೆ, ಮಹಿಳಾ ಶಿಕ್ಷಣ ಹಾಗೂ ಗ್ರಾಮೀಣ ಅಭಿವೃದ್ಧಿಗೆ ಅವರು ನೀಡಿದ ಕೊಡುಗೆಯನ್ನು ಸ್ಮರಿಸಲಾಯಿತು. ಸಾಹಿತಿಗಳು ಒಡೆಯರ್ ಕುರಿತು ಉಪನ್ಯಾಸ ನೀಡಿದರು.

ಧರ್ಮಸ್ಥಳ ಯೋಜನೆಯಿಂದ ಪರಿಸರ ದಿನಾಚರಣೆ

ಮಳವಳ್ಳಿ: ಶ್ರೀ ಕ್ಷೇತ್ರ ಧರ್ಮಸ್ಥಳ ಗ್ರಾಮಾಭಿವೃದ್ಧಿ ಯೋಜನೆಯ ವತಿಯಿಂದ ತಾಲ್ಲೂಕಿನ ವಿವಿಧ ಗ್ರಾಮಗಳಲ್ಲಿ ವಿಶ್ವ ಪರಿಸರ ದಿನಾಚರಣೆ ಆಚರಿಸಲಾಯಿತು. ಯೋಜನಾಧಿಕಾರಿಗಳು ಮಾತನಾಡಿ, ಪರಿಸರ ಸಂರಕ್ಷಣೆ ಪ್ರತಿಯೊಬ್ಬರ ಕರ್ತವ್ಯವಾಗಿದ್ದು ಸ್ವಸಹಾಯ ಸಂಘಗಳ ಸದಸ್ಯರು ತಮ್ಮ ಗ್ರಾಮಗಳಲ್ಲಿ ಸಸಿ ನೆಟ್ಟು ಪೋಷಿಸಬೇಕು ಎಂದು ತಿಳಿಸಿದರು. ಸರ್ಕಾರಿ ಶಾಲೆಯ ಆವರಣದಲ್ಲಿ ವಿದ್ಯಾರ್ಥಿಗಳೊಂದಿಗೆ ಗಿಡಗಳನ್ನು ನೆಡಲಾಯಿತು. ಯೋಜನೆಯ ಮೂಲಕ ಈ ವರ್ಷ ಸಾವಿರಾರು ಸಸಿಗಳನ್ನು ವಿತರಿಸಿ ನೆಡುವ ಗುರಿ ಹೊಂದಲಾಗಿದೆ. ಕೆರೆ ಪುನಶ್ಚೇತನ, ಶುದ್ಧ ಕುಡಿಯುವ ನೀರಿನ ಘಟಕ ಸ್ಥಾಪನೆ ಸೇರಿದಂತೆ ಹಲವು ಜನೋಪಯೋಗಿ ಕಾರ್ಯಕ್ರಮಗಳನ್ನು ಯೋಜನೆ ಕೈಗೊಂಡಿದೆ ಎಂದು ಮಾಹಿತಿ ನೀಡಿದರು. ಮೇಲ್ವಿಚಾರಕರು, ಸೇವಾಪ್ರತಿನಿಧಿಗಳು, ಶಿಕ್ಷಕರು, ಸಂಘದ ಸದಸ್ಯರು ಪಾಲ್ಗೊಂಡಿದ್ದರು.
